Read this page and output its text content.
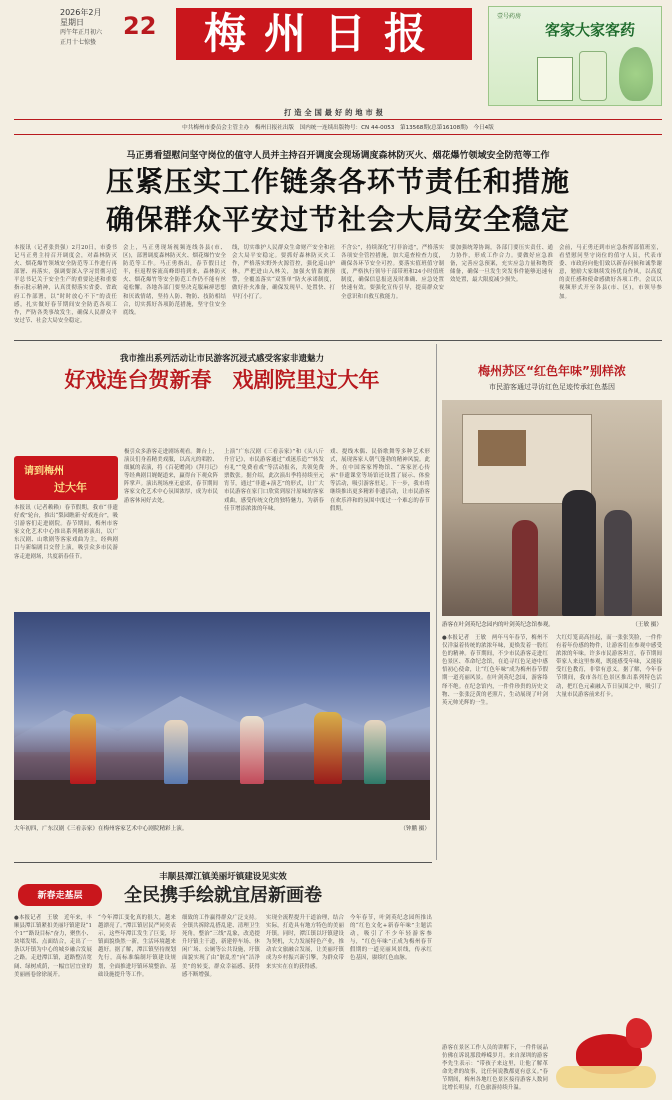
2026年2月
星期日
丙午年正月初六
正月十七惊蛰
22	梅州日报
打造全国最好的地市报
壹号药房
客家大家客药
中共梅州市委员会主管主办　梅州日报社出版　国内统一连续出版物号：CN 44-0053　第13568期(总第16108期)　今日4版
马正勇看望慰问坚守岗位的值守人员并主持召开调度会现场调度森林防灭火、烟花爆竹领域安全防范等工作
压紧压实工作链条各环节责任和措施
确保群众平安过节社会大局安全稳定
本报讯（记者张贵强）2月20日，市委书记马正勇主持召开调度会，对森林防灭火、烟花爆竹领域安全防范等工作进行再部署、再落实，强调要深入学习贯彻习近平总书记关于安全生产的重要论述和重要指示批示精神，认真贯彻落实省委、省政府工作部署，以“时时放心不下”的责任感，扎实做好春节期间安全防范各项工作，严防各类事故发生，确保人民群众平安过节、社会大局安全稳定。
会上，马正勇现场视频连线各县(市、区)，部署调度森林防灭火、烟花爆竹安全防范等工作。马正勇指出，春节假日过半，但返程客流高峰即将到来，森林防灭火、烟花爆竹等安全防范工作仍不能有丝毫松懈。各地各部门要坚决克服麻痹思想和厌战情绪，坚持人防、物防、技防相结合，切实抓好各项防范措施，坚守住安全底线。
线，切实维护人民群众生命财产安全和社会大局平安稳定。要抓好森林防灭火工作，严格落实野外火源管控，强化巡山护林，严把进山入林关，加强火情监测预警，全覆盖落实“双签单”防火承诺制度，做好扑火准备，确保发现早、处置快、打早打小打了。
不含公”，持续深化“打非治违”，严格落实各项安全管控措施，加大巡查检查力度，确保各环节安全可控。要落实值班值守制度，严格执行领导干部带班和24小时值班制度，确保信息报送及时准确、应急处置快速有效。要强化宣传引导，提高群众安全意识和自救互救能力。
要加强统筹协调，各部门要压实责任、通力协作，形成工作合力。要做好应急准备，完善应急预案，充实应急力量和物资储备，确保一旦发生突发事件能够迅速有效处置，最大限度减少损失。
会前，马正勇还到市应急指挥部值班室，看望慰问坚守岗位的值守人员，代表市委、市政府向他们致以新春问候和诚挚谢意，勉励大家继续发扬优良作风，以高度的责任感和使命感做好各项工作。会议以视频形式开至各县(市、区)，市领导参加。
我市推出系列活动让市民游客沉浸式感受客家非遗魅力
好戏连台贺新春　戏剧院里过大年
请到梅州
过大年
本报讯（记者赖赖）春节假期，我市“非遗好戏”轮台，推出“梨园瞧新·好戏连台”，吸引游客们走进剧院。春节期间，梅州市客家文化艺术中心推出系列精彩演出，以广东汉剧、山歌剧等客家戏曲为主，经典剧目与新编剧目交替上演，吸引众多市民游客走进剧场，共度新春佳节。
极引众多游客走进剧场观看。舞台上，演员们身着精美戏服，以高亢的唱腔、细腻的表演，将《百花赠剑》《拜月记》等经典剧目娓娓道来，赢得台下观众阵阵掌声。演出现场座无虚席，春节期间客家文化艺术中心氛围浓厚，成为市民游客休闲好去处。
上演“广东汉剧《三看亲家》”和《头八斤升官记》，市民游客通过“戏迷乐追”“转发有礼”“免费看戏”等活动报名，共领免费票数张。据介绍，此次演出季将持续至元宵节，通过“非遗+演艺”的形式，让广大市民游客在家门口欣赏到原汁原味的客家戏曲，感受传统文化的独特魅力，为新春佳节增添浓浓的年味。
戏、提线木偶、民俗歌舞等多种艺术形式，展现客家人朝气蓬勃的精神风貌。此外，在中国客家博物馆、“客家匠心传承”非遗课堂等场馆还设置了展示、体验等活动，吸引游客驻足。下一步，我市将继续推出更多精彩非遗活动，让市民游客在欢乐祥和的氛围中度过一个难忘的春节假期。
大年初四，广东汉剧《三看亲家》在梅州客家艺术中心剧院精彩上演。	（钟鹏 摄）
梅州苏区“红色年味”别样浓
市民游客通过寻访红色足迹传承红色基因
游客在叶剑英纪念园内的叶剑英纪念馆参观。	（王敏 摄）
●本报记者　王敏　两年马年春节，梅州不仅洋溢着传统的浓浓年味，更焕发着一股红色的精神。春节期间，不少市民游客走进红色景区、革命纪念馆，在追寻红色足迹中感悟初心使命，让“红色年味”成为梅州春节假期一道亮丽风景。在叶剑英纪念园，游客络绎不绝。在纪念馆内，一件件珍贵的历史文物、一张张泛黄的老照片，生动展现了叶剑英元帅光辉的一生。
大红灯笼高高挂起，而一张张笑脸，一件件有着年份感的物件，让游客们在参观中感受浓浓的年味。许多市民游客坦言，春节期间带家人来这里参观，既能感受年味，又能接受红色教育，非常有意义。据了解，今年春节期间，我市各红色景区推出系列特色活动，把红色元素融入节日氛围之中，吸引了大量市民游客前来打卡。
游客在景区工作人员的讲解下，一件件展品仿佛在诉说那段峥嵘岁月。来自深圳的游客李先生表示：“带孩子来这里，让他了解革命先辈的故事，比任何说教都更有意义。”春节期间，梅州各地红色景区接待游客人数同比增长明显，红色旅游持续升温。
丰顺县潭江镇美丽圩镇建设见实效
全民携手绘就宜居新画卷
新春走基层
●本报记者　王敏　近年来，丰顺县潭江镇紧扣美丽圩镇建设“1个1”“路设目标”奋力，聚焦小、块堵发堵、点面结合，走出了一条以圩镇为中心的城乡融合发展之路。走进潭江镇，道路整洁宽阔、绿树成荫，一幅宜居宜业的美丽画卷徐徐展开。
“今年潭江变化真的很大，越来越漂亮了。”潭江镇居民严同奕表示，这些年潭江发生了巨变，圩镇面貌焕然一新，生活环境越来越好。据了解，潭江镇坚持规划先行，高标准编制圩镇建设规划，全面推进圩镇环境整治、基础设施提升等工作。
细致的工作赢得群众广泛支持。全镇共拆除乱搭乱建、清理卫生死角，整治“三线”乱象，改造提升圩镇主干道，新建停车场、休闲广场、公厕等公共设施，圩镇面貌实现了由“脏乱差”向“洁净美”的转变，群众幸福感、获得感不断增强。
实现全流程提升干道治理，结合实际，打造具有地方特色的美丽圩镇。同时，潭江镇以圩镇建设为契机，大力发展特色产业，推动农文旅融合发展，让美丽圩镇成为乡村振兴新引擎，为群众带来实实在在的获得感。
今年春节，叶剑英纪念园所推出的“红色文化+新春年味”主题活动，吸引了不少年轻游客参与，“红色年味”正成为梅州春节假期的一道亮丽风景线，传承红色基因，赓续红色血脉。
